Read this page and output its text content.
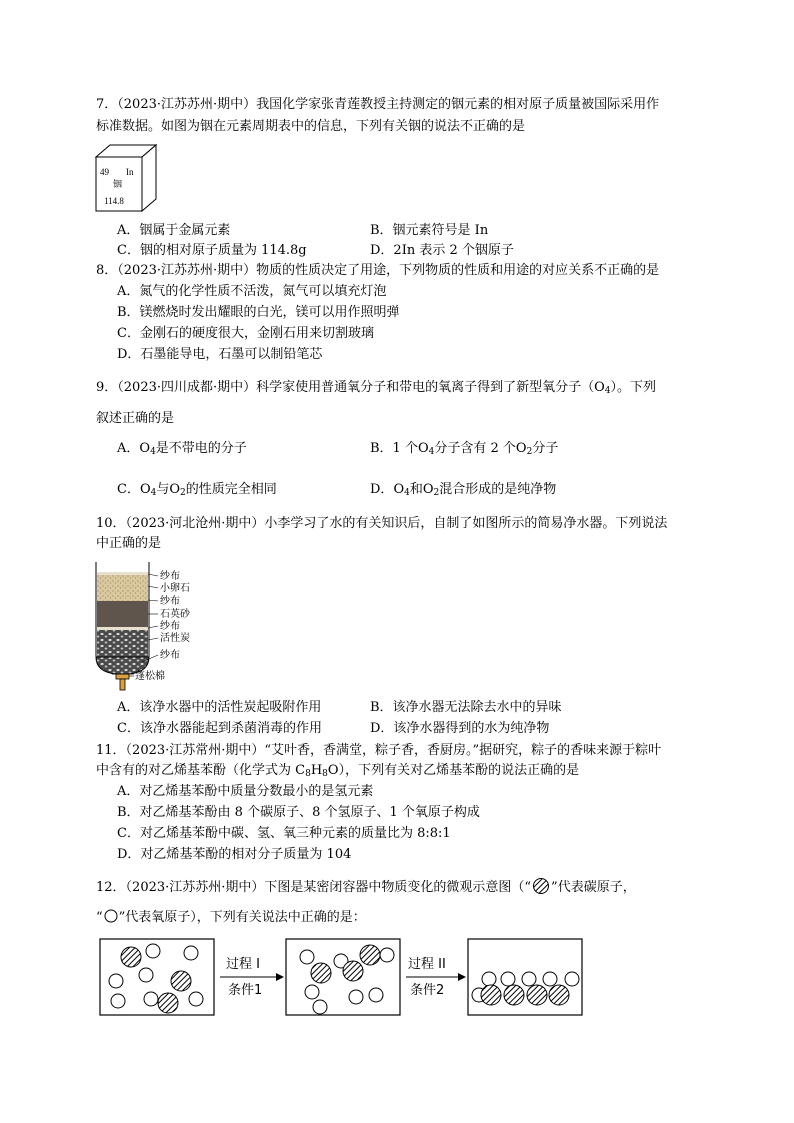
7．（2023·江苏苏州·期中）我国化学家张青莲教授主持测定的铟元素的相对原子质量被国际采用作
标准数据。如图为铟在元素周期表中的信息，下列有关铟的说法不正确的是
49 In
铟
114.8
A．铟属于金属元素	B．铟元素符号是 In
C．铟的相对原子质量为 114.8g	D．2In 表示 2 个铟原子
8．（2023·江苏苏州·期中）物质的性质决定了用途，下列物质的性质和用途的对应关系不正确的是
A．氮气的化学性质不活泼，氮气可以填充灯泡
B．镁燃烧时发出耀眼的白光，镁可以用作照明弹
C．金刚石的硬度很大，金刚石用来切割玻璃
D．石墨能导电，石墨可以制铅笔芯
9．（2023·四川成都·期中）科学家使用普通氧分子和带电的氧离子得到了新型氧分子$(O_4)$。下列
叙述正确的是
A．$O_4$是不带电的分子	B．1 个$O_4$分子含有 2 个$O_2$分子
C．$O_4$与$O_2$的性质完全相同	D．$O_4$和$O_2$混合形成的是纯净物
10．（2023·河北沧州·期中）小李学习了水的有关知识后，自制了如图所示的简易净水器。下列说法
中正确的是
纱布
小卵石
纱布
石英砂
纱布
活性炭
纱布
蓬松棉
A．该净水器中的活性炭起吸附作用	B．该净水器无法除去水中的异味
C．该净水器能起到杀菌消毒的作用	D．该净水器得到的水为纯净物
11．（2023·江苏常州·期中）“艾叶香，香满堂，粽子香，香厨房。”据研究，粽子的香味来源于粽叶
中含有的对乙烯基苯酚（化学式为 $C_8H_8O$），下列有关对乙烯基苯酚的说法正确的是
A．对乙烯基苯酚中质量分数最小的是氢元素
B．对乙烯基苯酚由 8 个碳原子、8 个氢原子、1 个氧原子构成
C．对乙烯基苯酚中碳、氢、氧三种元素的质量比为 8:8:1
D．对乙烯基苯酚的相对分子质量为 104
12．（2023·江苏苏州·期中）下图是某密闭容器中物质变化的微观示意图（“ ”代表碳原子，
“ ”代表氧原子），下列有关说法中正确的是：
过程 I
条件1
过程 II
条件2
